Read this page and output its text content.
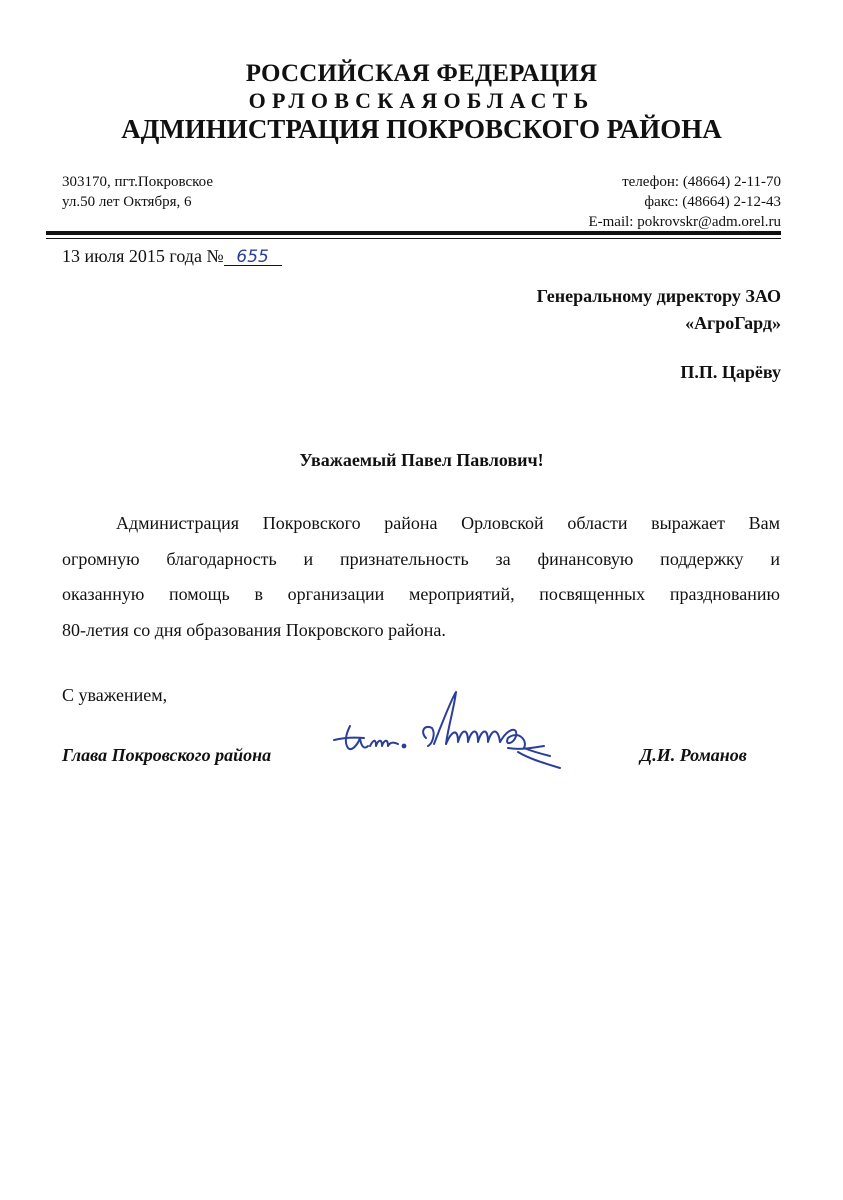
РОССИЙСКАЯ ФЕДЕРАЦИЯ
ОРЛОВСКАЯОБЛАСТЬ
АДМИНИСТРАЦИЯ ПОКРОВСКОГО РАЙОНА
303170, пгт.Покровское
ул.50 лет Октября, 6
телефон: (48664) 2-11-70
факс: (48664) 2-12-43
E-mail: pokrovskr@adm.orel.ru
13 июля 2015 года № 655
Генеральному директору ЗАО
«АгроГард»
П.П. Царёву
Уважаемый Павел Павлович!
Администрация Покровского района Орловской области выражает Вам
огромную благодарность и признательность за финансовую поддержку и
оказанную помощь в организации мероприятий, посвященных празднованию
80-летия со дня образования Покровского района.
С уважением,
Глава Покровского района	Д.И. Романов
